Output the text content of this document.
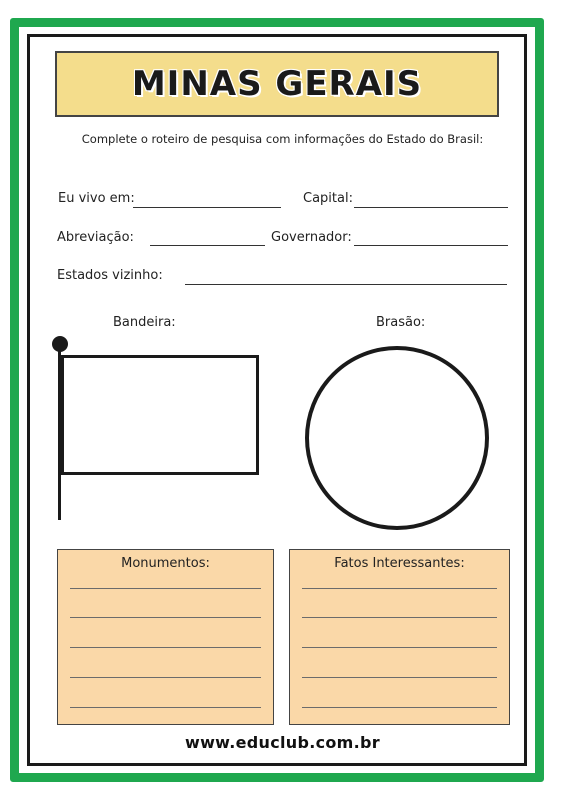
MINAS GERAIS
Complete o roteiro de pesquisa com informações do Estado do Brasil:
Eu vivo em:	Capital:
Abreviação:	Governador:
Estados vizinho:
Bandeira:	Brasão:
Monumentos:	Fatos Interessantes:
www.educlub.com.br
